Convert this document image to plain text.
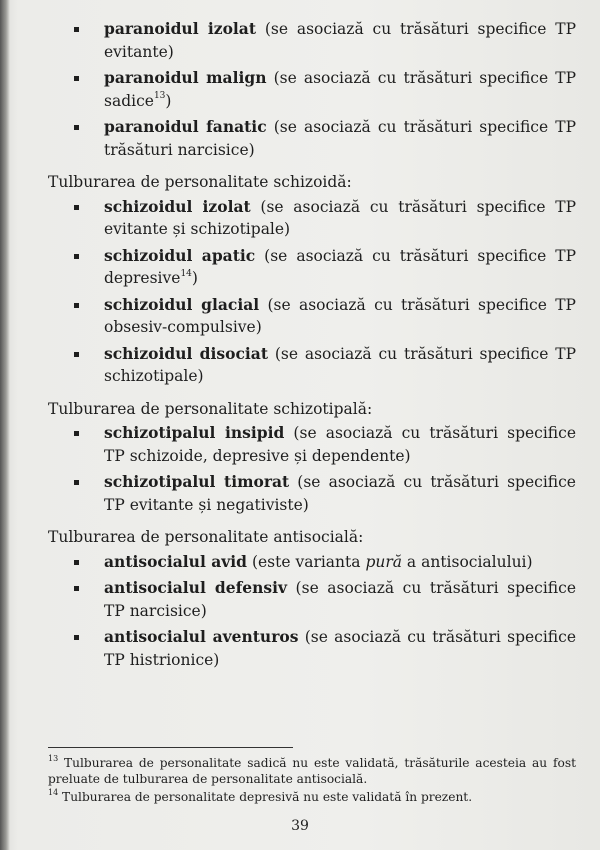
paranoidul izolat (se asociază cu trăsături specifice TP evitante)
paranoidul malign (se asociază cu trăsături specifice TP sadice$^{13}$)
paranoidul fanatic (se asociază cu trăsături specifice TP trăsături narcisice)
Tulburarea de personalitate schizoidă:
schizoidul izolat (se asociază cu trăsături specifice TP evitante și schizotipale)
schizoidul apatic (se asociază cu trăsături specifice TP depresive$^{14}$)
schizoidul glacial (se asociază cu trăsături specifice TP obsesiv-compulsive)
schizoidul disociat (se asociază cu trăsături specifice TP schizotipale)
Tulburarea de personalitate schizotipală:
schizotipalul insipid (se asociază cu trăsături specifice TP schizoide, depresive și dependente)
schizotipalul timorat (se asociază cu trăsături specifice TP evitante și negativiste)
Tulburarea de personalitate antisocială:
antisocialul avid (este varianta pură a antisocialului)
antisocialul defensiv (se asociază cu trăsături specifice TP narcisice)
antisocialul aventuros (se asociază cu trăsături specifice TP histrionice)

$^{13}$ Tulburarea de personalitate sadică nu este validată, trăsăturile acesteia au fost preluate de tulburarea de personalitate antisocială.

$^{14}$ Tulburarea de personalitate depresivă nu este validată în prezent.

39
